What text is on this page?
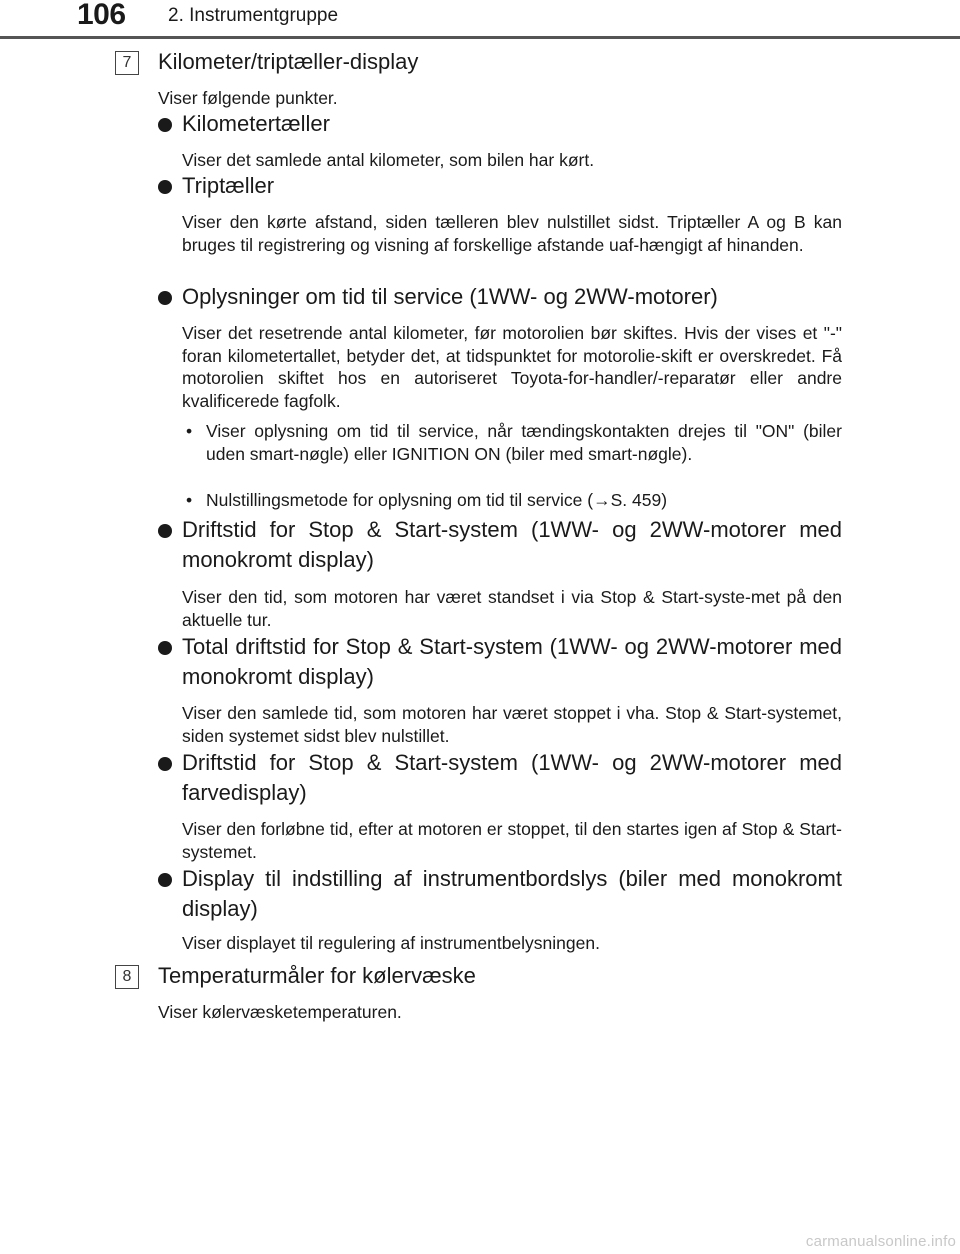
106 2. Instrumentgruppe
7	Kilometer/triptæller-display
Viser følgende punkter.
Kilometertæller
Viser det samlede antal kilometer, som bilen har kørt.
Triptæller
Viser den kørte afstand, siden tælleren blev nulstillet sidst. Triptæller A og B kan bruges til registrering og visning af forskellige afstande uaf-hængigt af hinanden.
Oplysninger om tid til service (1WW- og 2WW-motorer)
Viser det resetrende antal kilometer, før motorolien bør skiftes. Hvis der vises et "-" foran kilometertallet, betyder det, at tidspunktet for motorolie-skift er overskredet. Få motorolien skiftet hos en autoriseret Toyota-for-handler/-reparatør eller andre kvalificerede fagfolk.
• Viser oplysning om tid til service, når tændingskontakten drejes til "ON" (biler uden smart-nøgle) eller IGNITION ON (biler med smart-nøgle).
• Nulstillingsmetode for oplysning om tid til service (→S. 459)
Driftstid for Stop & Start-system (1WW- og 2WW-motorer med monokromt display)
Viser den tid, som motoren har været standset i via Stop & Start-syste-met på den aktuelle tur.
Total driftstid for Stop & Start-system (1WW- og 2WW-motorer med monokromt display)
Viser den samlede tid, som motoren har været stoppet i vha. Stop & Start-systemet, siden systemet sidst blev nulstillet.
Driftstid for Stop & Start-system (1WW- og 2WW-motorer med farvedisplay)
Viser den forløbne tid, efter at motoren er stoppet, til den startes igen af Stop & Start-systemet.
Display til indstilling af instrumentbordslys (biler med monokromt display)
Viser displayet til regulering af instrumentbelysningen.
8	Temperaturmåler for kølervæske
Viser kølervæsketemperaturen.
carmanualsonline.info
